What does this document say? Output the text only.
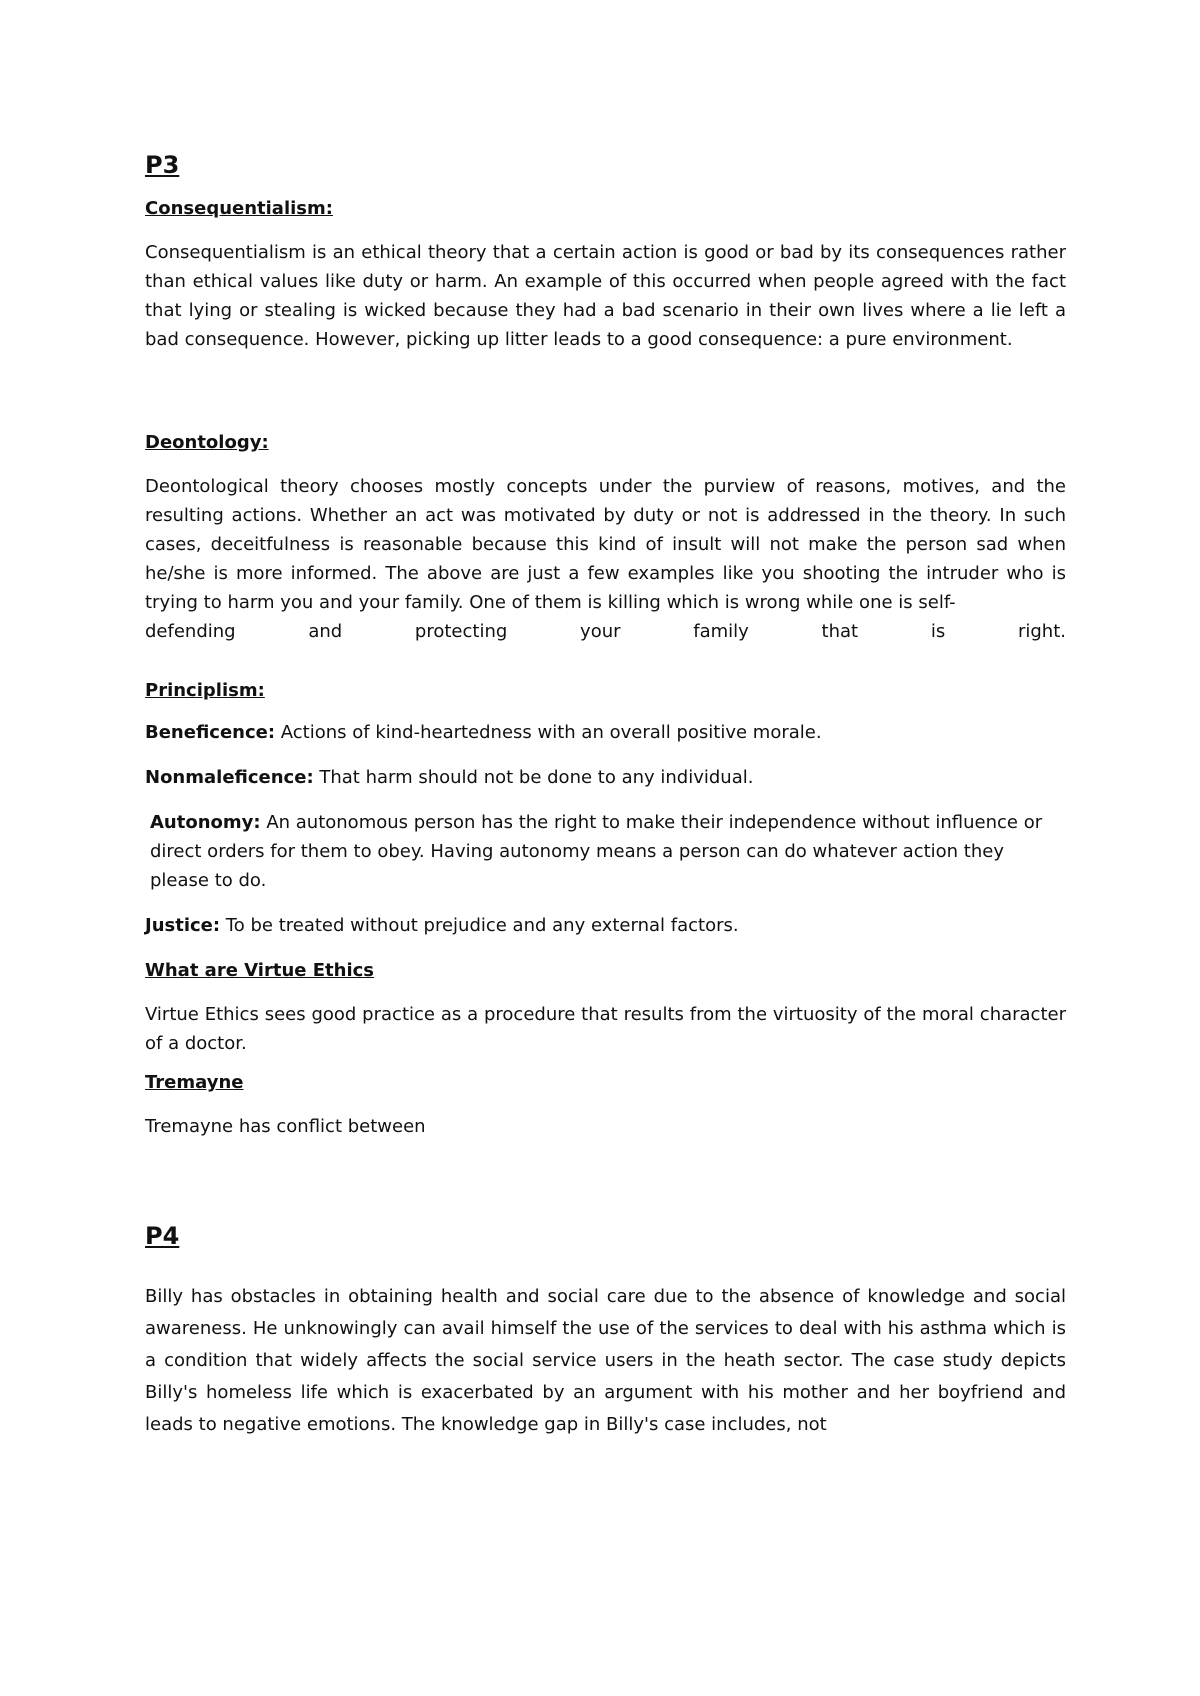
P3
Consequentialism:

Consequentialism is an ethical theory that a certain action is good or bad by its consequences rather than ethical values like duty or harm. An example of this occurred when people agreed with the fact that lying or stealing is wicked because they had a bad scenario in their own lives where a lie left a bad consequence. However, picking up litter leads to a good consequence: a pure environment.

Deontology:

Deontological theory chooses mostly concepts under the purview of reasons, motives, and the resulting actions. Whether an act was motivated by duty or not is addressed in the theory. In such cases, deceitfulness is reasonable because this kind of insult will not make the person sad when he/she is more informed. The above are just a few examples like you shooting the intruder who is trying to harm you and your family. One of them is killing which is wrong while one is self-

defending and protecting your family that is right.

Principlism:

Beneficence: Actions of kind-heartedness with an overall positive morale.

Nonmaleficence: That harm should not be done to any individual.

Autonomy: An autonomous person has the right to make their independence without influence or direct orders for them to obey. Having autonomy means a person can do whatever action they please to do.

Justice: To be treated without prejudice and any external factors.

What are Virtue Ethics

Virtue Ethics sees good practice as a procedure that results from the virtuosity of the moral character of a doctor.

Tremayne

Tremayne has conflict between

P4

Billy has obstacles in obtaining health and social care due to the absence of knowledge and social awareness. He unknowingly can avail himself the use of the services to deal with his asthma which is a condition that widely affects the social service users in the heath sector. The case study depicts Billy's homeless life which is exacerbated by an argument with his mother and her boyfriend and leads to negative emotions. The knowledge gap in Billy's case includes, not
